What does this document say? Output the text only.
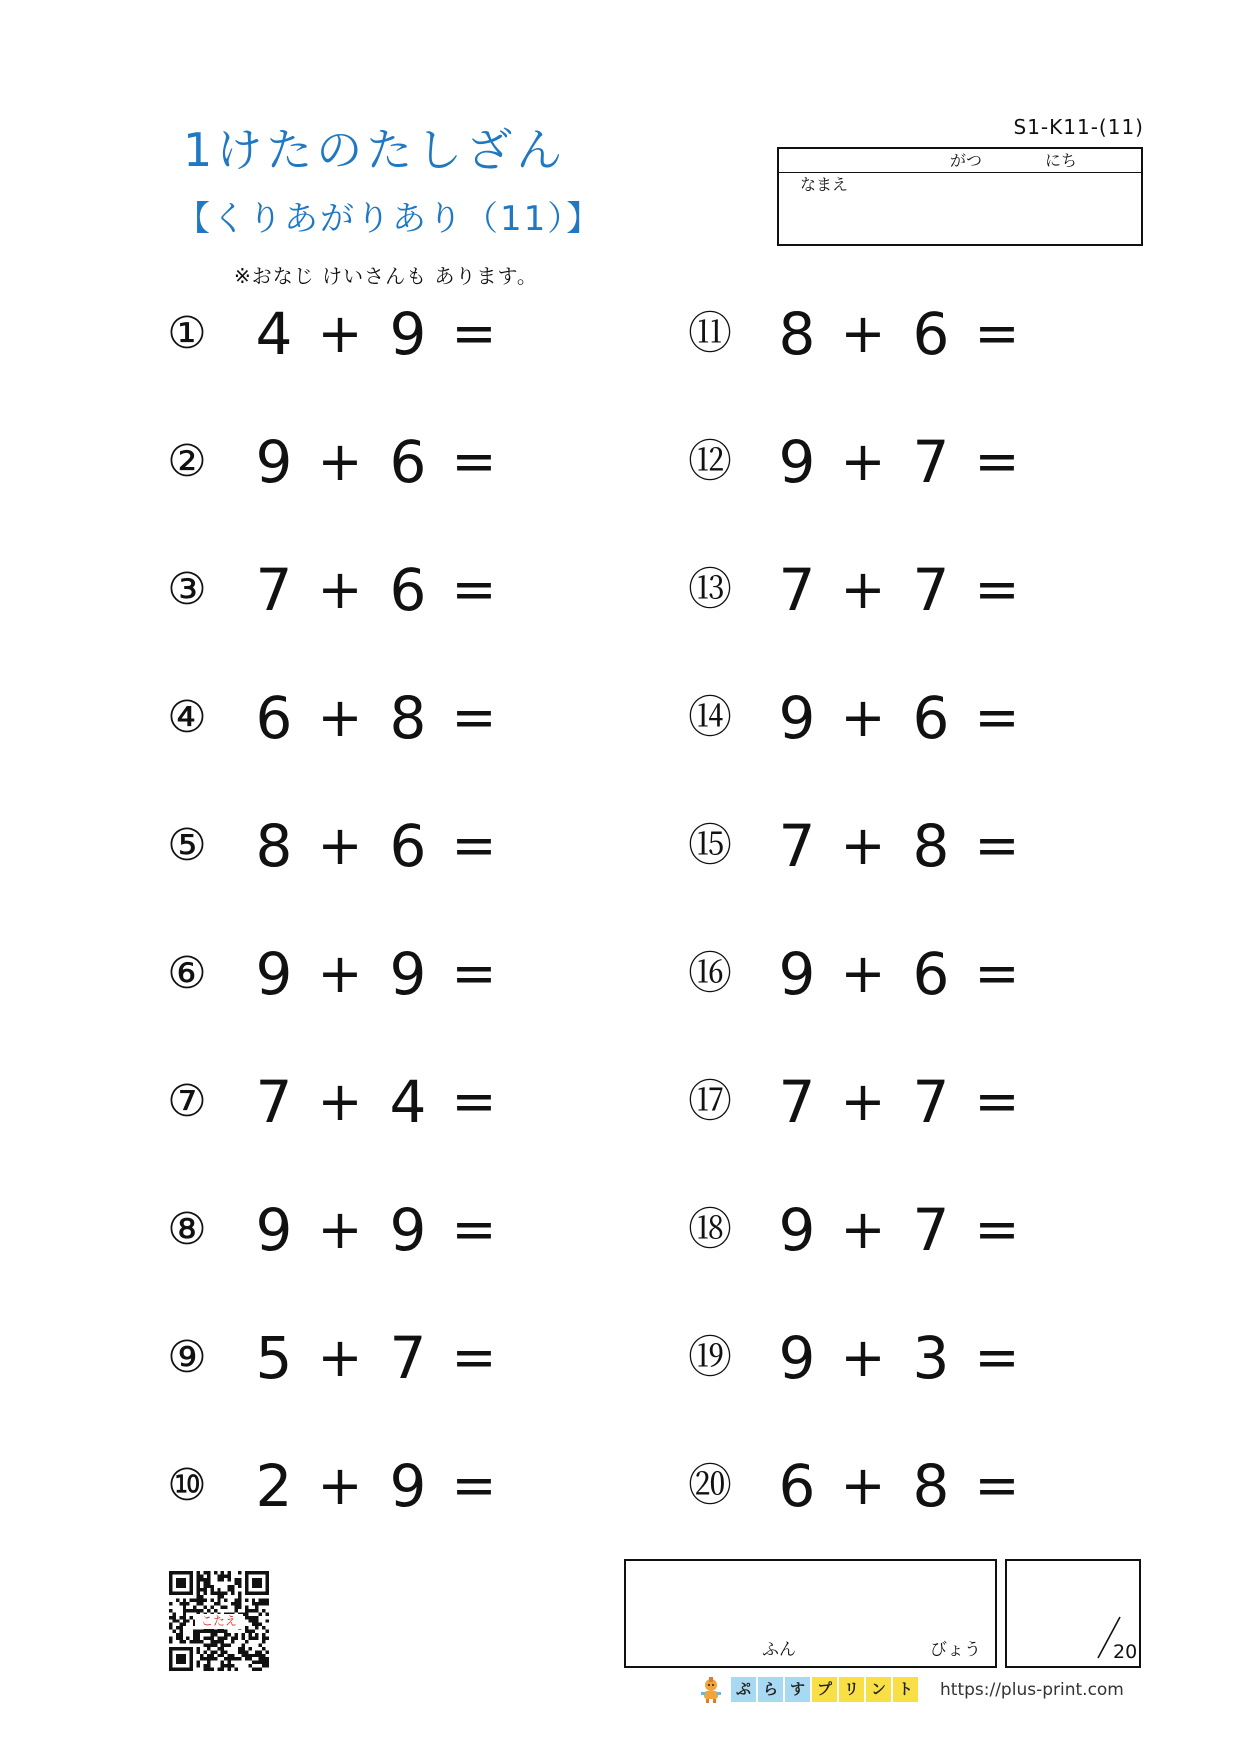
1けたのたしざん
【くりあがりあり（11）】
※おなじ けいさんも あります。
S1-K11-(11)
がつ	にち
なまえ
① 4 + 9 =
② 9 + 6 =
③ 7 + 6 =
④ 6 + 8 =
⑤ 8 + 6 =
⑥ 9 + 9 =
⑦ 7 + 4 =
⑧ 9 + 9 =
⑨ 5 + 7 =
⑩ 2 + 9 =
⑪ 8 + 6 =
⑫ 9 + 7 =
⑬ 7 + 7 =
⑭ 9 + 6 =
⑮ 7 + 8 =
⑯ 9 + 6 =
⑰ 7 + 7 =
⑱ 9 + 7 =
⑲ 9 + 3 =
⑳ 6 + 8 =
こたえ
ふん	びょう	20
ぷ ら す プ リ ン ト https://plus-print.com
